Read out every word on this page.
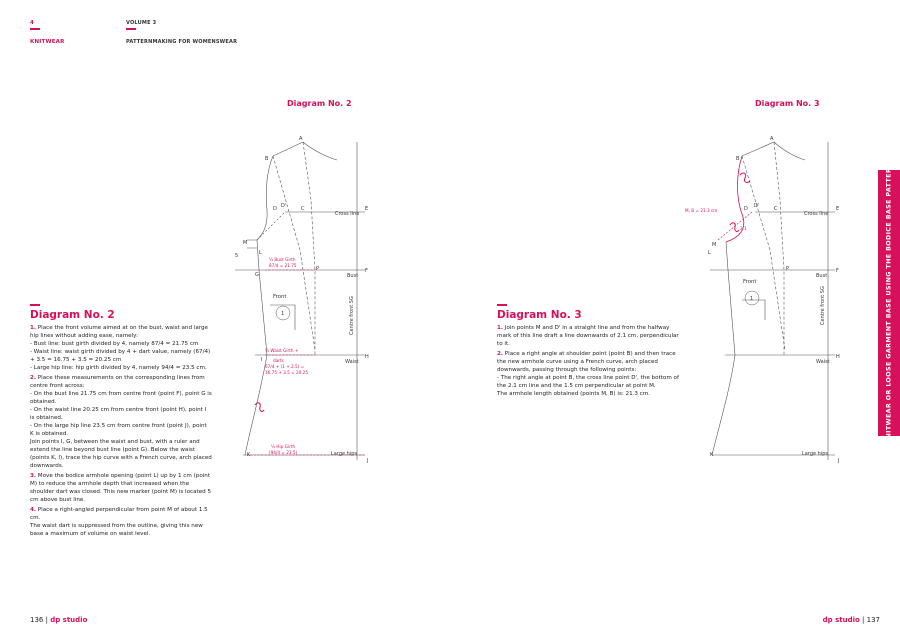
4
KNITWEAR
VOLUME 3
PATTERNMAKING FOR WOMENSWEAR
Diagram No. 2	Diagram No. 3
A
B
C
D D'	E
F
G
H
I
J
K
L
M
P
5
Cross line
Bust
Waist
Large hips
Front
1	Centre front SG
¼ Bust Girth
87/4 = 21.75
¼ Waist Girth +
darts
67/4 + (1 + 2.5) =
16.75 + 3.5 = 20.25
¼ Hip Girth
(94/4 = 23.5)
A
B
C
D D'	E
F
H
J
K
L
M
P
M, B = 21.3 cm
2.1
Cross line
Bust
Waist
Large hips
Front
1	Centre front SG
Diagram No. 2

1. Place the front volume aimed at on the bust, waist and large hip lines without adding ease, namely:

- Bust line: bust girth divided by 4, namely 87/4 = 21.75 cm

- Waist line: waist girth divided by 4 + dart value, namely (67/4) + 3.5 = 16.75 + 3.5 = 20.25 cm

- Large hip line: hip girth divided by 4, namely 94/4 = 23.5 cm.

2. Place these measurements on the corresponding lines from centre front across:

- On the bust line 21.75 cm from centre front (point F), point G is obtained.

- On the waist line 20.25 cm from centre front (point H), point I is obtained.

- On the large hip line 23.5 cm from centre front (point J), point K is obtained.

Join points I, G, between the waist and bust, with a ruler and extend the line beyond bust line (point G). Below the waist (points K, I), trace the hip curve with a French curve, arch placed downwards.

3. Move the bodice armhole opening (point L) up by 1 cm (point M) to reduce the armhole depth that increased when the shoulder dart was closed. This new marker (point M) is located 5 cm above bust line.

4. Place a right-angled perpendicular from point M of about 1.5 cm.

The waist dart is suppressed from the outline, giving this new base a maximum of volume on waist level.

Diagram No. 3

1. Join points M and D' in a straight line and from the halfway mark of this line draft a line downwards of 2.1 cm, perpendicular to it.

2. Place a right angle at shoulder point (point B) and then trace the new armhole curve using a French curve, arch placed downwards, passing through the following points:

- The right angle at point B, the cross line point D', the bottom of the 2.1 cm line and the 1.5 cm perpendicular at point M.

The armhole length obtained (points M, B) is: 21.3 cm.	KNITWEAR OR LOOSE GARMENT BASE USING THE BODICE BASE PATTERN
136 | dp studio	dp studio | 137
